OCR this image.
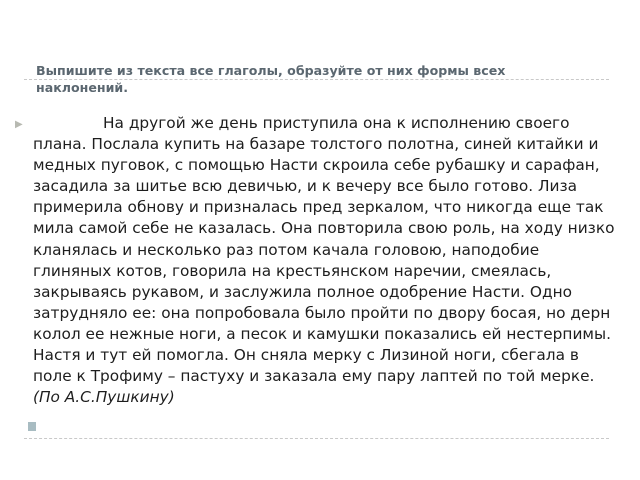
Выпишите из текста все глаголы, образуйте от них формы всех наклонений.
▶	На другой же день приступила она к исполнению своего плана. Послала купить на базаре толстого полотна, синей китайки и медных пуговок, с помощью Насти скроила себе рубашку и сарафан, засадила за шитье всю девичью, и к вечеру все было готово. Лиза примерила обнову и призналась пред зеркалом, что никогда еще так мила самой себе не казалась. Она повторила свою роль, на ходу низко кланялась и несколько раз потом качала головою, наподобие глиняных котов, говорила на крестьянском наречии, смеялась, закрываясь рукавом, и заслужила полное одобрение Насти. Одно затрудняло ее: она попробовала было пройти по двору босая, но дерн колол ее нежные ноги, а песок и камушки показались ей нестерпимы. Настя и тут ей помогла. Он сняла мерку с Лизиной ноги, сбегала в поле к Трофиму – пастуху и заказала ему пару лаптей по той мерке. (По А.С.Пушкину)
